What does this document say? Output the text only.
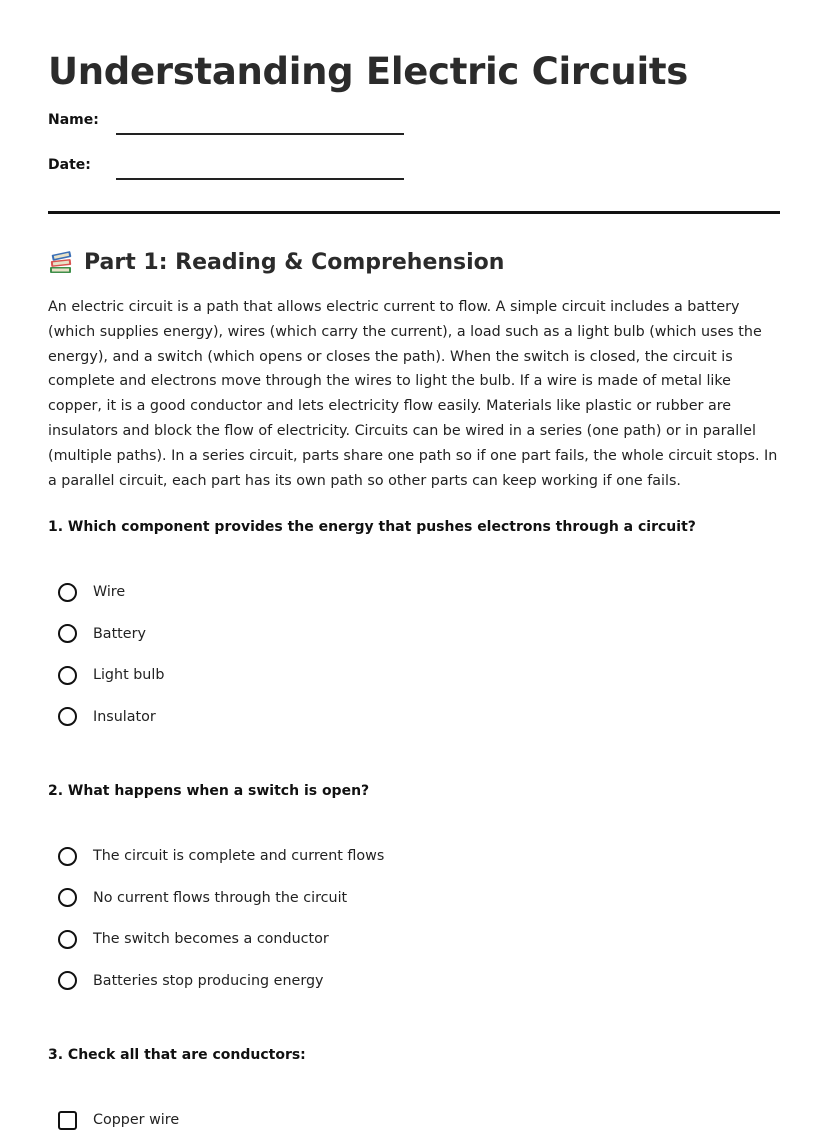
Understanding Electric Circuits
Name:
Date:
Part 1: Reading & Comprehension

An electric circuit is a path that allows electric current to flow. A simple circuit includes a battery (which supplies energy), wires (which carry the current), a load such as a light bulb (which uses the energy), and a switch (which opens or closes the path). When the switch is closed, the circuit is complete and electrons move through the wires to light the bulb. If a wire is made of metal like copper, it is a good conductor and lets electricity flow easily. Materials like plastic or rubber are insulators and block the flow of electricity. Circuits can be wired in a series (one path) or in parallel (multiple paths). In a series circuit, parts share one path so if one part fails, the whole circuit stops. In a parallel circuit, each part has its own path so other parts can keep working if one fails.

1. Which component provides the energy that pushes electrons through a circuit?

Wire
Battery
Light bulb
Insulator

2. What happens when a switch is open?

The circuit is complete and current flows
No current flows through the circuit
The switch becomes a conductor
Batteries stop producing energy

3. Check all that are conductors:

Copper wire
